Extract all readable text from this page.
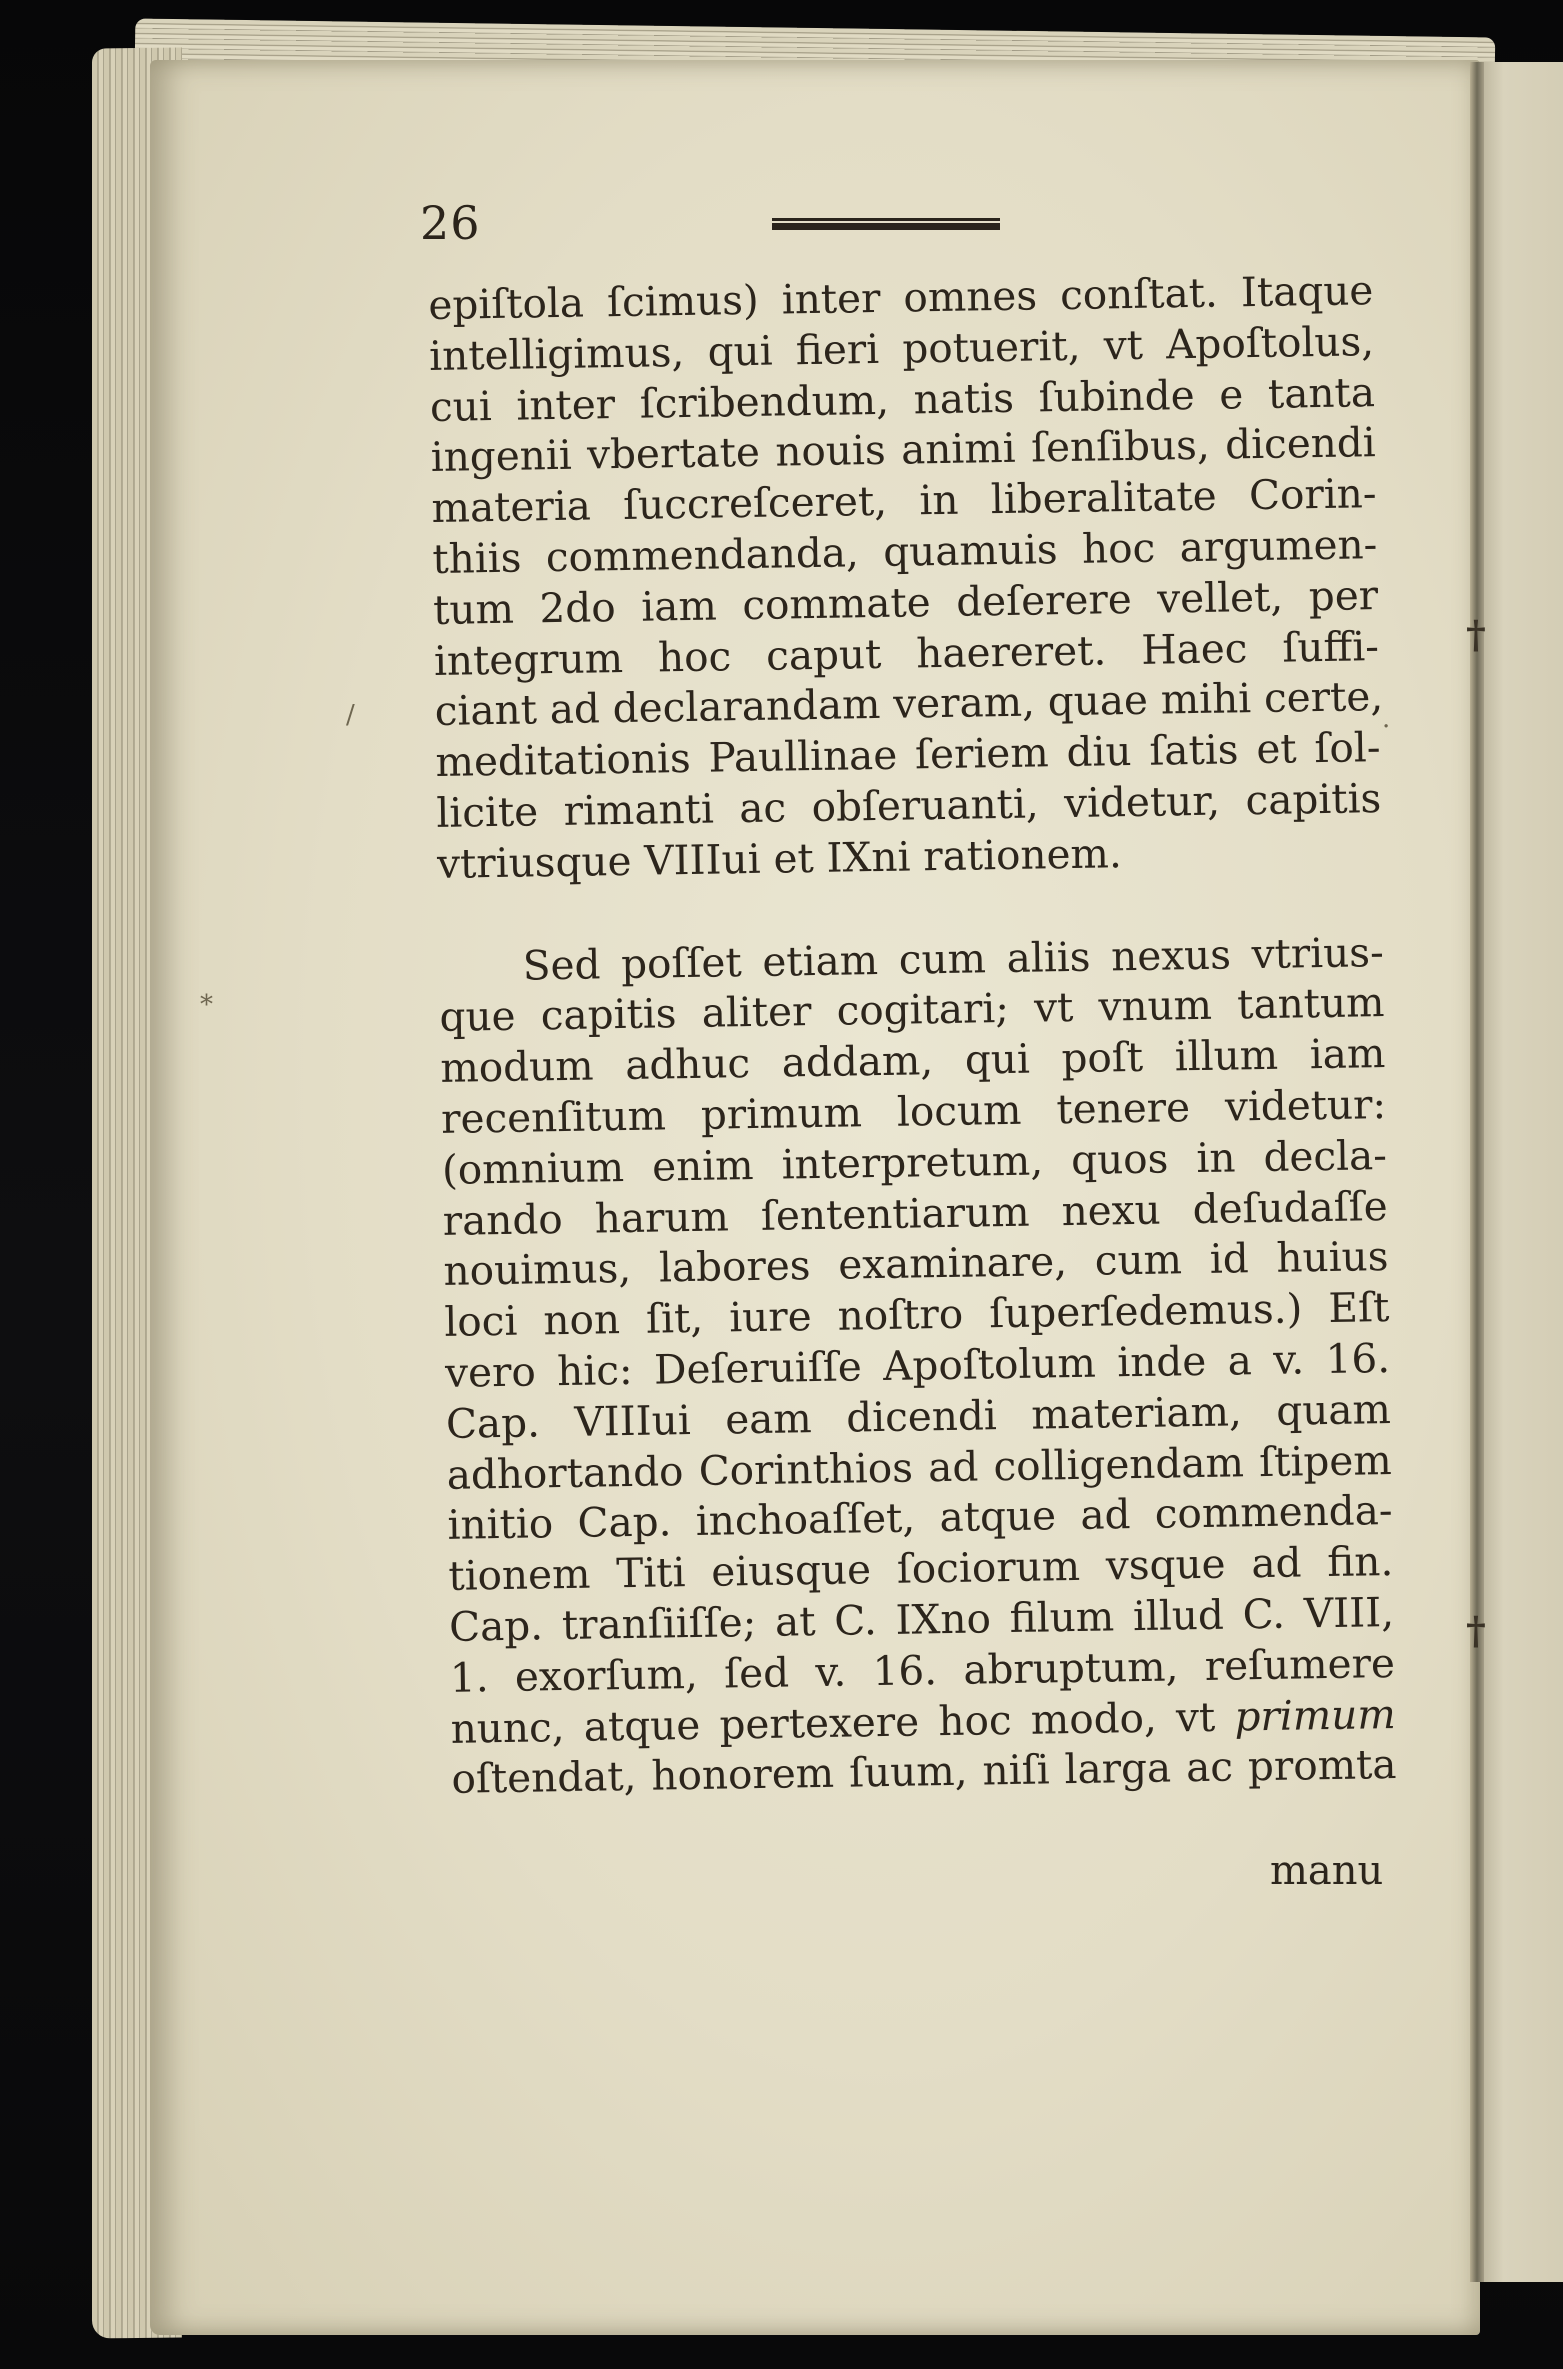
†
†
*
/	·
26
epiſtola ſcimus) inter omnes conſtat. Itaque
intelligimus, qui fieri potuerit, vt Apoſtolus,
cui inter ſcribendum, natis ſubinde e tanta
ingenii vbertate nouis animi ſenſibus, dicendi
materia ſuccreſceret, in liberalitate Corin-
thiis commendanda, quamuis hoc argumen-
tum 2do iam commate deſerere vellet, per
integrum hoc caput haereret. Haec ſuffi-
ciant ad declarandam veram, quae mihi certe,
meditationis Paullinae ſeriem diu ſatis et ſol-
licite rimanti ac obſeruanti, videtur, capitis
vtriusque VIIIui et IXni rationem.
Sed poſſet etiam cum aliis nexus vtrius-
que capitis aliter cogitari; vt vnum tantum
modum adhuc addam, qui poſt illum iam
recenſitum primum locum tenere videtur:
(omnium enim interpretum, quos in decla-
rando harum ſententiarum nexu deſudaſſe
nouimus, labores examinare, cum id huius
loci non ſit, iure noſtro ſuperſedemus.) Eſt
vero hic: Deſeruiſſe Apoſtolum inde a v. 16.
Cap. VIIIui eam dicendi materiam, quam
adhortando Corinthios ad colligendam ſtipem
initio Cap. inchoaſſet, atque ad commenda-
tionem Titi eiusque ſociorum vsque ad fin.
Cap. tranſiiſſe; at C. IXno filum illud C. VIII,
1. exorſum, ſed v. 16. abruptum, reſumere
nunc, atque pertexere hoc modo, vt primum
oſtendat, honorem ſuum, niſi larga ac promta
manu
